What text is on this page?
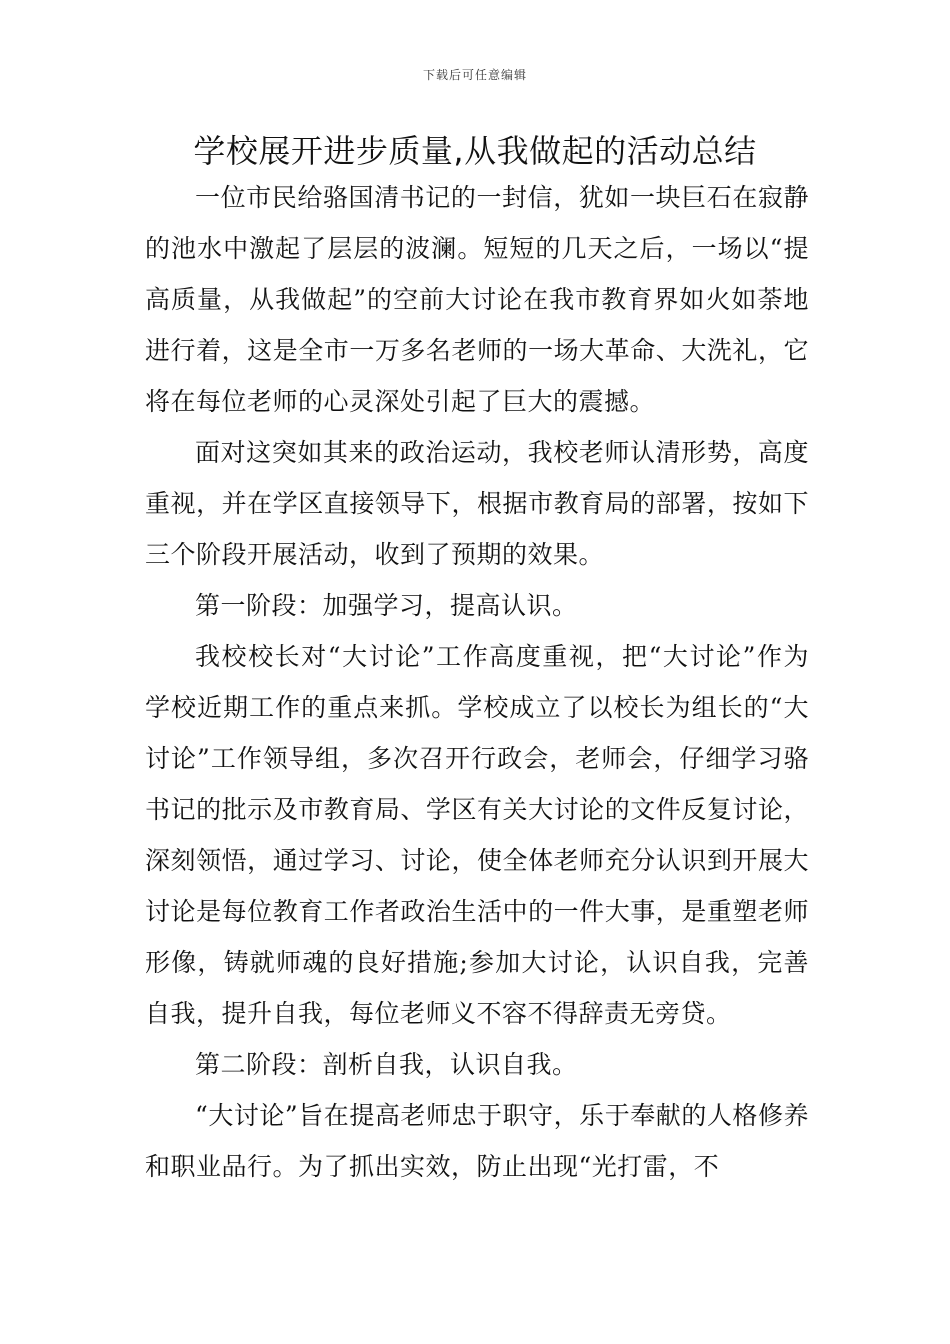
下载后可任意编辑
学校展开进步质量,从我做起的活动总结

一位市民给骆国清书记的一封信，犹如一块巨石在寂静的池水中激起了层层的波澜。短短的几天之后，一场以“提高质量，从我做起”的空前大讨论在我市教育界如火如荼地进行着，这是全市一万多名老师的一场大革命、大洗礼，它将在每位老师的心灵深处引起了巨大的震撼。

面对这突如其来的政治运动，我校老师认清形势，高度重视，并在学区直接领导下，根据市教育局的部署，按如下三个阶段开展活动，收到了预期的效果。

第一阶段：加强学习，提高认识。

我校校长对“大讨论”工作高度重视，把“大讨论”作为学校近期工作的重点来抓。学校成立了以校长为组长的“大讨论”工作领导组，多次召开行政会，老师会，仔细学习骆书记的批示及市教育局、学区有关大讨论的文件反复讨论，深刻领悟，通过学习、讨论，使全体老师充分认识到开展大讨论是每位教育工作者政治生活中的一件大事，是重塑老师形像，铸就师魂的良好措施;参加大讨论，认识自我，完善自我，提升自我，每位老师义不容不得辞责无旁贷。

第二阶段：剖析自我，认识自我。

“大讨论”旨在提高老师忠于职守，乐于奉献的人格修养和职业品行。为了抓出实效，防止出现“光打雷，不
